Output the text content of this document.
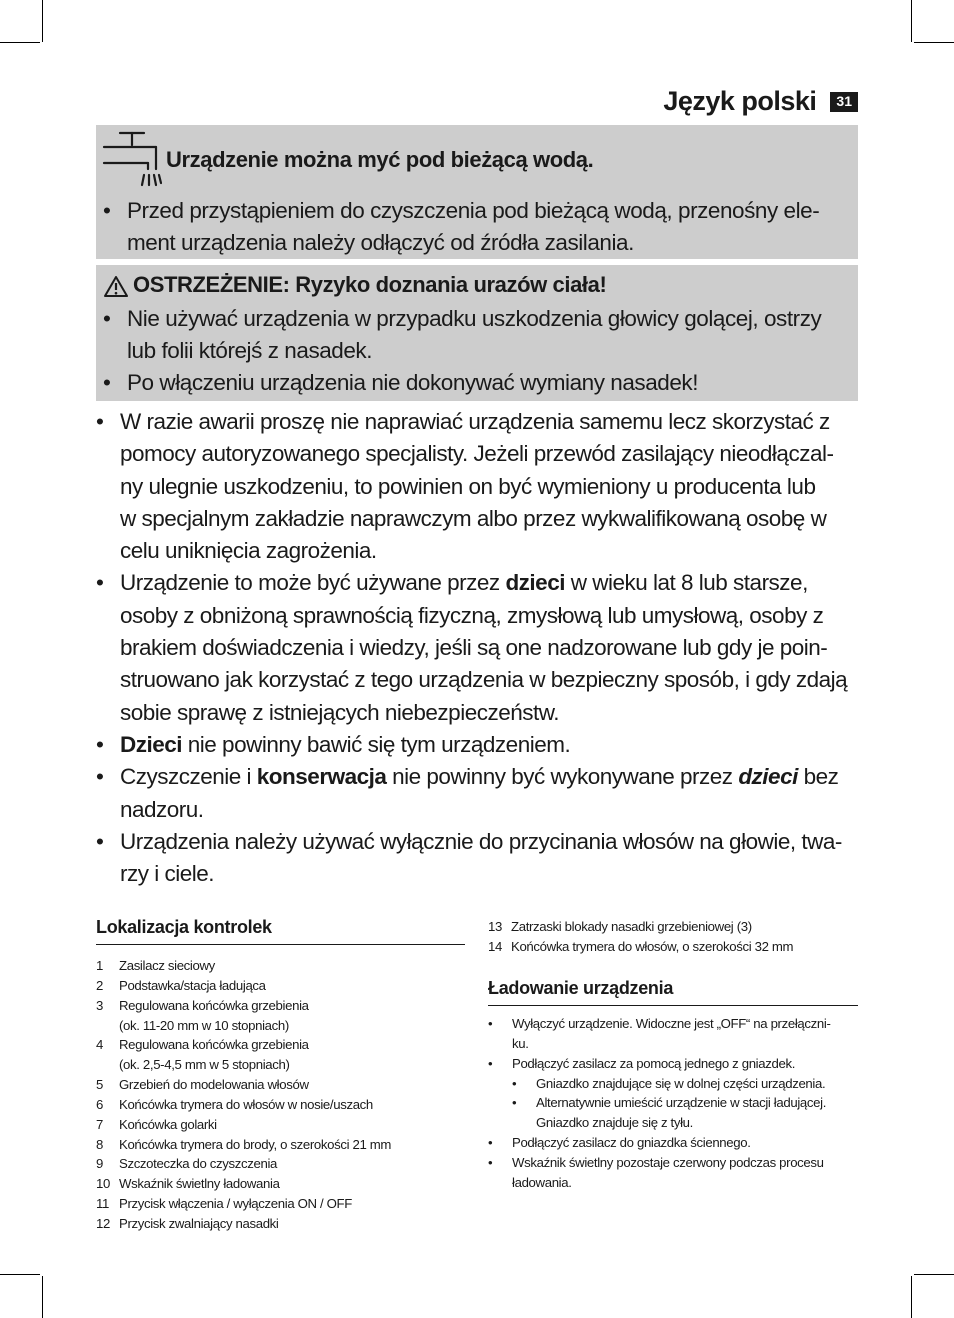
Język polski	31
Urządzenie można myć pod bieżącą wodą.
• Przed przystąpieniem do czyszczenia pod bieżącą wodą, przenośny ele-
ment urządzenia należy odłączyć od źródła zasilania.
OSTRZEŻENIE: Ryzyko doznania urazów ciała!
• Nie używać urządzenia w przypadku uszkodzenia głowicy golącej, ostrzy
lub folii którejś z nasadek.
• Po włączeniu urządzenia nie dokonywać wymiany nasadek!
• W razie awarii proszę nie naprawiać urządzenia samemu lecz skorzystać z
pomocy autoryzowanego specjalisty. Jeżeli przewód zasilający nieodłączal-
ny ulegnie uszkodzeniu, to powinien on być wymieniony u producenta lub
w specjalnym zakładzie naprawczym albo przez wykwalifikowaną osobę w
celu uniknięcia zagrożenia.
• Urządzenie to może być używane przez dzieci w wieku lat 8 lub starsze,
osoby z obniżoną sprawnością fizyczną, zmysłową lub umysłową, osoby z
brakiem doświadczenia i wiedzy, jeśli są one nadzorowane lub gdy je poin-
struowano jak korzystać z tego urządzenia w bezpieczny sposób, i gdy zdają
sobie sprawę z istniejących niebezpieczeństw.
• Dzieci nie powinny bawić się tym urządzeniem.
• Czyszczenie i konserwacja nie powinny być wykonywane przez dzieci bez
nadzoru.
• Urządzenia należy używać wyłącznie do przycinania włosów na głowie, twa-
rzy i ciele.
Lokalizacja kontrolek
1	Zasilacz sieciowy
2	Podstawka/stacja ładująca
3	Regulowana końcówka grzebienia
(ok. 11-20 mm w 10 stopniach)
4	Regulowana końcówka grzebienia
(ok. 2,5-4,5 mm w 5 stopniach)
5	Grzebień do modelowania włosów
6	Końcówka trymera do włosów w nosie/uszach
7	Końcówka golarki
8	Końcówka trymera do brody, o szerokości 21 mm
9	Szczoteczka do czyszczenia
10 Wskaźnik świetlny ładowania
11 Przycisk włączenia / wyłączenia ON / OFF
12 Przycisk zwalniający nasadki
13 Zatrzaski blokady nasadki grzebieniowej (3)
14 Końcówka trymera do włosów, o szerokości 32 mm
Ładowanie urządzenia
•	Wyłączyć urządzenie. Widoczne jest „OFF“ na przełączni-
ku.
•	Podłączyć zasilacz za pomocą jednego z gniazdek.
•	Gniazdko znajdujące się w dolnej części urządzenia.
•	Alternatywnie umieścić urządzenie w stacji ładującej.
Gniazdko znajduje się z tyłu.
•	Podłączyć zasilacz do gniazdka ściennego.
•	Wskaźnik świetlny pozostaje czerwony podczas procesu
ładowania.
